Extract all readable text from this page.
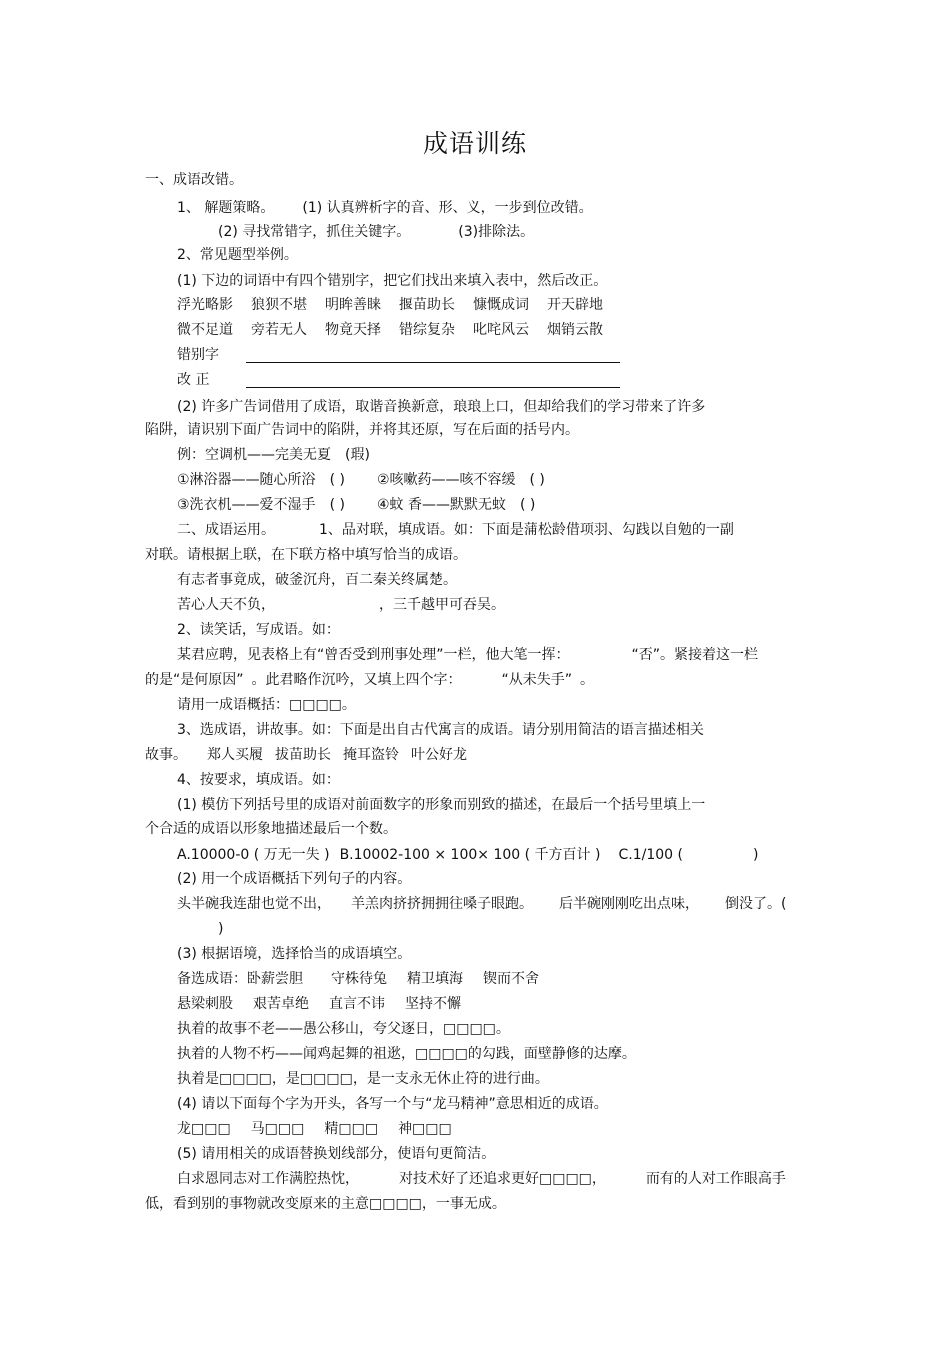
成语训练
一、成语改错。
1、 解题策略。 (1) 认真辨析字的音、形、义，一步到位改错。
(2) 寻找常错字，抓住关键字。	(3)排除法。
2、常见题型举例。
(1) 下边的词语中有四个错别字，把它们找出来填入表中，然后改正。
浮光略影 狼狈不堪 明眸善睐 揠苗助长 慷慨成词 开天辟地
微不足道 旁若无人 物竟天择 错综复杂 叱咤风云 烟销云散
错别字
改 正
(2) 许多广告词借用了成语，取谐音换新意，琅琅上口，但却给我们的学习带来了许多
陷阱，请识别下面广告词中的陷阱，并将其还原，写在后面的括号内。
例：空调机——完美无夏 (瑕)
①淋浴器——随心所浴 ( ) ②咳嗽药——咳不容缓 ( )
③洗衣机——爱不湿手 ( ) ④蚊 香——默默无蚊 ( )
二、成语运用。	1、品对联，填成语。如：下面是蒲松龄借项羽、勾践以自勉的一副
对联。请根据上联，在下联方格中填写恰当的成语。
有志者事竟成，破釜沉舟，百二秦关终属楚。
苦心人天不负，	，三千越甲可吞吴。
2、读笑话，写成语。如：
某君应聘，见表格上有“曾否受到刑事处理”一栏，他大笔一挥：	“否”。紧接着这一栏
的是“是何原因” 。此君略作沉吟，又填上四个字：	“从未失手” 。
请用一成语概括：□□□□。
3、选成语，讲故事。如：下面是出自古代寓言的成语。请分别用简洁的语言描述相关
故事。 郑人买履 拔苗助长 掩耳盗铃 叶公好龙
4、按要求，填成语。如：
(1) 模仿下列括号里的成语对前面数字的形象而别致的描述，在最后一个括号里填上一
个合适的成语以形象地描述最后一个数。
A.10000-0 ( 万无一失 ) B.10002-100 × 100× 100 ( 千方百计 ) C.1/100 (	)
(2) 用一个成语概括下列句子的内容。
头半碗我连甜也觉不出， 羊羔肉挤挤拥拥往嗓子眼跑。 后半碗刚刚吃出点味， 倒没了。(
)
(3) 根据语境，选择恰当的成语填空。
备选成语：卧薪尝胆 守株待兔 精卫填海 锲而不舍
悬梁刺股 艰苦卓绝 直言不讳 坚持不懈
执着的故事不老——愚公移山，夸父逐日，□□□□。
执着的人物不朽——闻鸡起舞的祖逖，□□□□的勾践，面壁静修的达摩。
执着是□□□□，是□□□□，是一支永无休止符的进行曲。
(4) 请以下面每个字为开头，各写一个与“龙马精神”意思相近的成语。
龙□□□ 马□□□ 精□□□ 神□□□
(5) 请用相关的成语替换划线部分，使语句更简洁。
白求恩同志对工作满腔热忱，	对技术好了还追求更好□□□□，	而有的人对工作眼高手
低，看到别的事物就改变原来的主意□□□□，一事无成。
